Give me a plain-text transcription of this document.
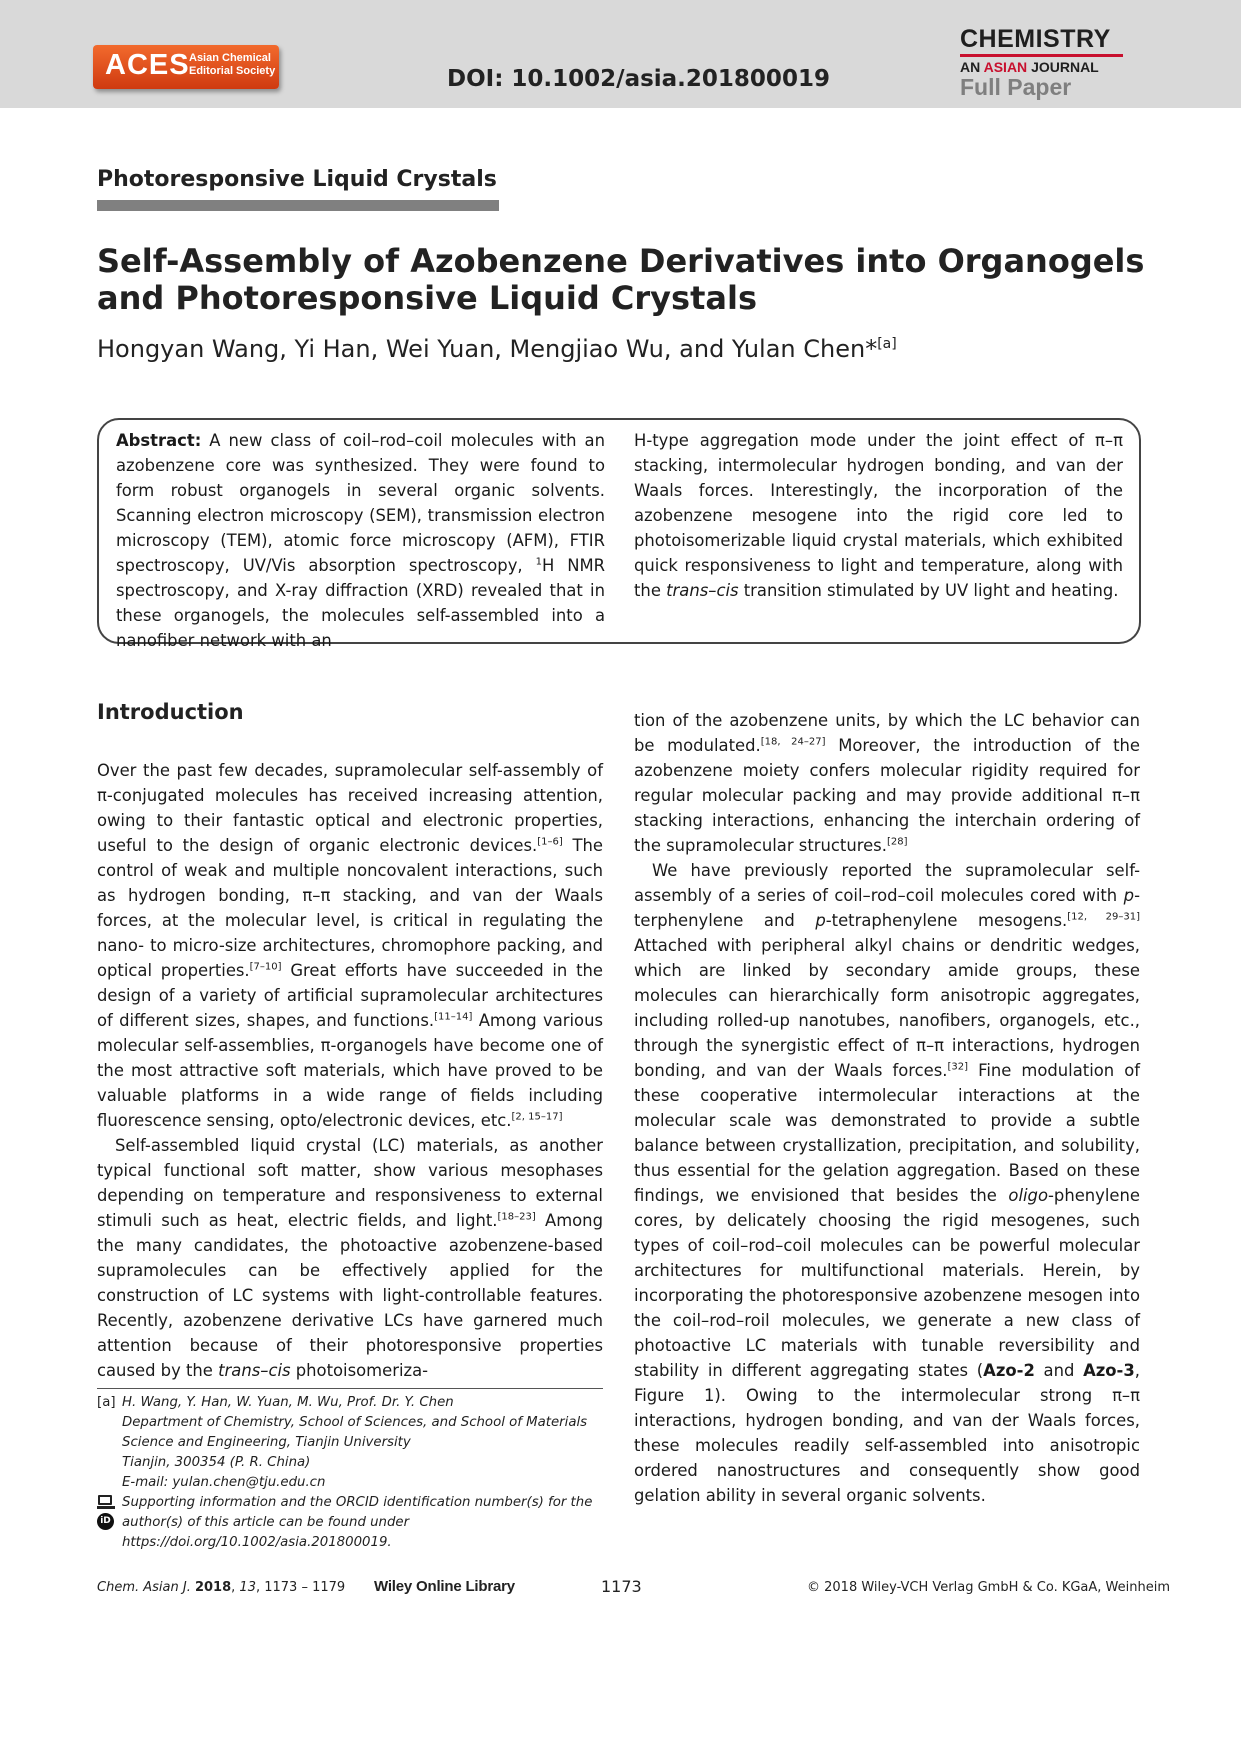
ACES Asian Chemical
Editorial Society	DOI: 10.1002/asia.201800019
CHEMISTRY
AN ASIAN JOURNAL
Full Paper
Photoresponsive Liquid Crystals
Self-Assembly of Azobenzene Derivatives into Organogels and Photoresponsive Liquid Crystals
Hongyan Wang, Yi Han, Wei Yuan, Mengjiao Wu, and Yulan Chen*[a]
Abstract: A new class of coil–rod–coil molecules with an azobenzene core was synthesized. They were found to form robust organogels in several organic solvents. Scanning electron microscopy (SEM), transmission electron microscopy (TEM), atomic force microscopy (AFM), FTIR spectroscopy, UV/Vis absorption spectroscopy, $^1$H NMR spectroscopy, and X-ray diffraction (XRD) revealed that in these organogels, the molecules self-assembled into a nanofiber network with an
H-type aggregation mode under the joint effect of π–π stacking, intermolecular hydrogen bonding, and van der Waals forces. Interestingly, the incorporation of the azobenzene mesogene into the rigid core led to photoisomerizable liquid crystal materials, which exhibited quick responsiveness to light and temperature, along with the trans–cis transition stimulated by UV light and heating.
Introduction

Over the past few decades, supramolecular self-assembly of π-conjugated molecules has received increasing attention, owing to their fantastic optical and electronic properties, useful to the design of organic electronic devices.[1–6] The control of weak and multiple noncovalent interactions, such as hydrogen bonding, π–π stacking, and van der Waals forces, at the molecular level, is critical in regulating the nano- to micro-size architectures, chromophore packing, and optical properties.[7–10] Great efforts have succeeded in the design of a variety of artificial supramolecular architectures of different sizes, shapes, and functions.[11–14] Among various molecular self-assemblies, π-organogels have become one of the most attractive soft materials, which have proved to be valuable platforms in a wide range of fields including fluorescence sensing, opto/electronic devices, etc.[2, 15–17]

Self-assembled liquid crystal (LC) materials, as another typical functional soft matter, show various mesophases depending on temperature and responsiveness to external stimuli such as heat, electric fields, and light.[18–23] Among the many candidates, the photoactive azobenzene-based supramolecules can be effectively applied for the construction of LC systems with light-controllable features. Recently, azobenzene derivative LCs have garnered much attention because of their photoresponsive properties caused by the trans–cis photoisomeriza-

tion of the azobenzene units, by which the LC behavior can be modulated.[18, 24–27] Moreover, the introduction of the azobenzene moiety confers molecular rigidity required for regular molecular packing and may provide additional π–π stacking interactions, enhancing the interchain ordering of the supramolecular structures.[28]

We have previously reported the supramolecular self-assembly of a series of coil–rod–coil molecules cored with p-terphenylene and p-tetraphenylene mesogens.[12, 29–31] Attached with peripheral alkyl chains or dendritic wedges, which are linked by secondary amide groups, these molecules can hierarchically form anisotropic aggregates, including rolled-up nanotubes, nanofibers, organogels, etc., through the synergistic effect of π–π interactions, hydrogen bonding, and van der Waals forces.[32] Fine modulation of these cooperative intermolecular interactions at the molecular scale was demonstrated to provide a subtle balance between crystallization, precipitation, and solubility, thus essential for the gelation aggregation. Based on these findings, we envisioned that besides the oligo-phenylene cores, by delicately choosing the rigid mesogenes, such types of coil–rod–coil molecules can be powerful molecular architectures for multifunctional materials. Herein, by incorporating the photoresponsive azobenzene mesogen into the coil–rod–roil molecules, we generate a new class of photoactive LC materials with tunable reversibility and stability in different aggregating states (Azo-2 and Azo-3, Figure 1). Owing to the intermolecular strong π–π interactions, hydrogen bonding, and van der Waals forces, these molecules readily self-assembled into anisotropic ordered nanostructures and consequently show good gelation ability in several organic solvents.

[a] H. Wang, Y. Han, W. Yuan, M. Wu, Prof. Dr. Y. Chen
Department of Chemistry, School of Sciences, and School of Materials Science and Engineering, Tianjin University
Tianjin, 300354 (P. R. China)
E-mail: yulan.chen@tju.edu.cn
iD
Supporting information and the ORCID identification number(s) for the author(s) of this article can be found under https://doi.org/10.1002/asia.201800019.
Chem. Asian J. 2018, 13, 1173 – 1179 Wiley Online Library	1173	© 2018 Wiley-VCH Verlag GmbH & Co. KGaA, Weinheim
